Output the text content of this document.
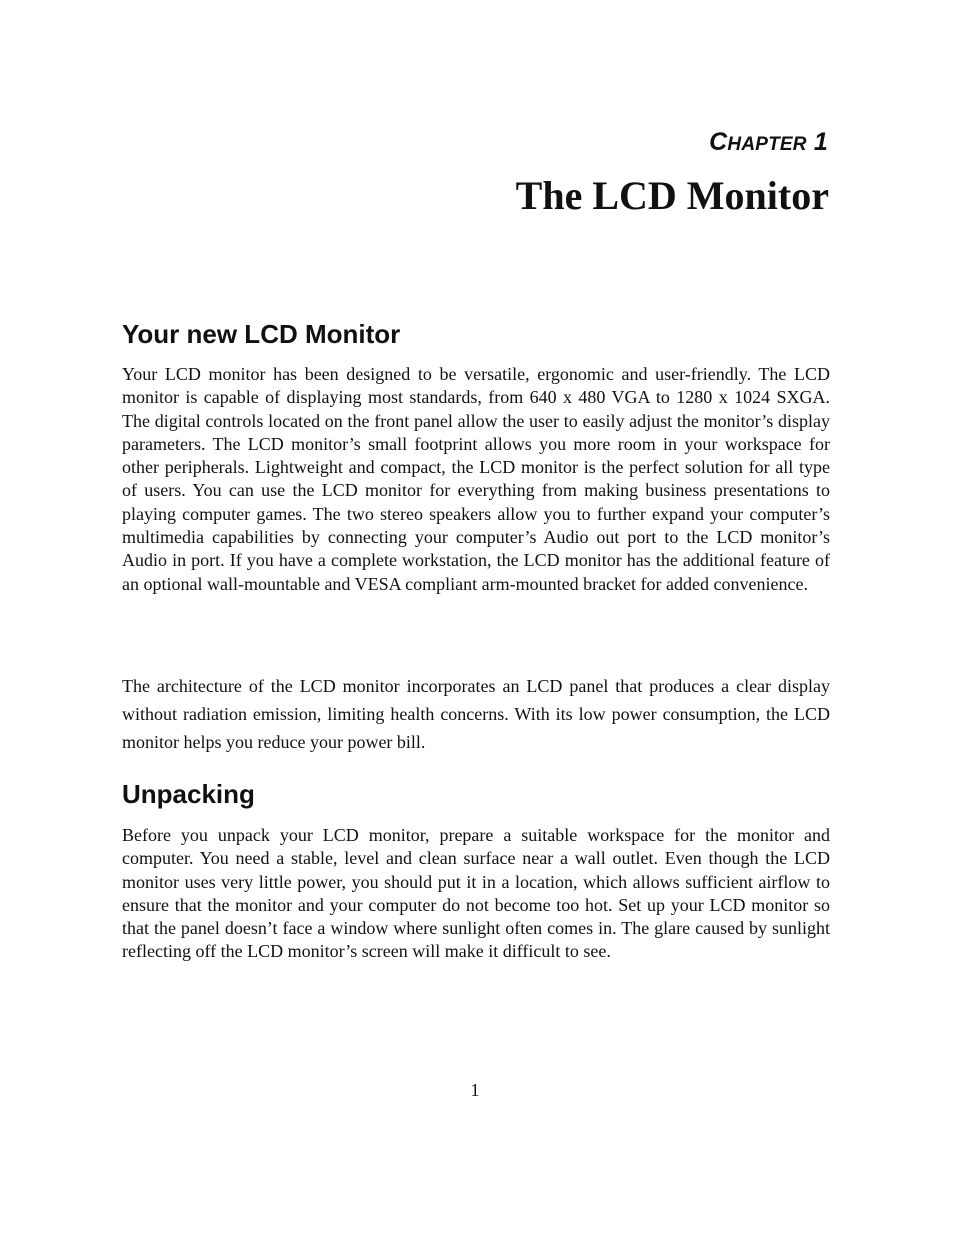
CHAPTER 1
The LCD Monitor
Your new LCD Monitor

Your LCD monitor has been designed to be versatile, ergonomic and user-friendly. The LCD monitor is capable of displaying most standards, from 640 x 480 VGA to 1280 x 1024 SXGA. The digital controls located on the front panel allow the user to easily adjust the monitor’s display parameters. The LCD monitor’s small footprint allows you more room in your workspace for other peripherals. Lightweight and compact, the LCD monitor is the perfect solution for all type of users. You can use the LCD monitor for everything from making business presentations to playing computer games. The two stereo speakers allow you to further expand your computer’s multimedia capabilities by connecting your computer’s Audio out port to the LCD monitor’s Audio in port. If you have a complete workstation, the LCD monitor has the additional feature of an optional wall-mountable and VESA compliant arm-mounted bracket for added convenience.

The architecture of the LCD monitor incorporates an LCD panel that produces a clear display without radiation emission, limiting health concerns. With its low power consumption, the LCD monitor helps you reduce your power bill.

Unpacking

Before you unpack your LCD monitor, prepare a suitable workspace for the monitor and computer. You need a stable, level and clean surface near a wall outlet. Even though the LCD monitor uses very little power, you should put it in a location, which allows sufficient airflow to ensure that the monitor and your computer do not become too hot. Set up your LCD monitor so that the panel doesn’t face a window where sunlight often comes in. The glare caused by sunlight reflecting off the LCD monitor’s screen will make it difficult to see.

1
